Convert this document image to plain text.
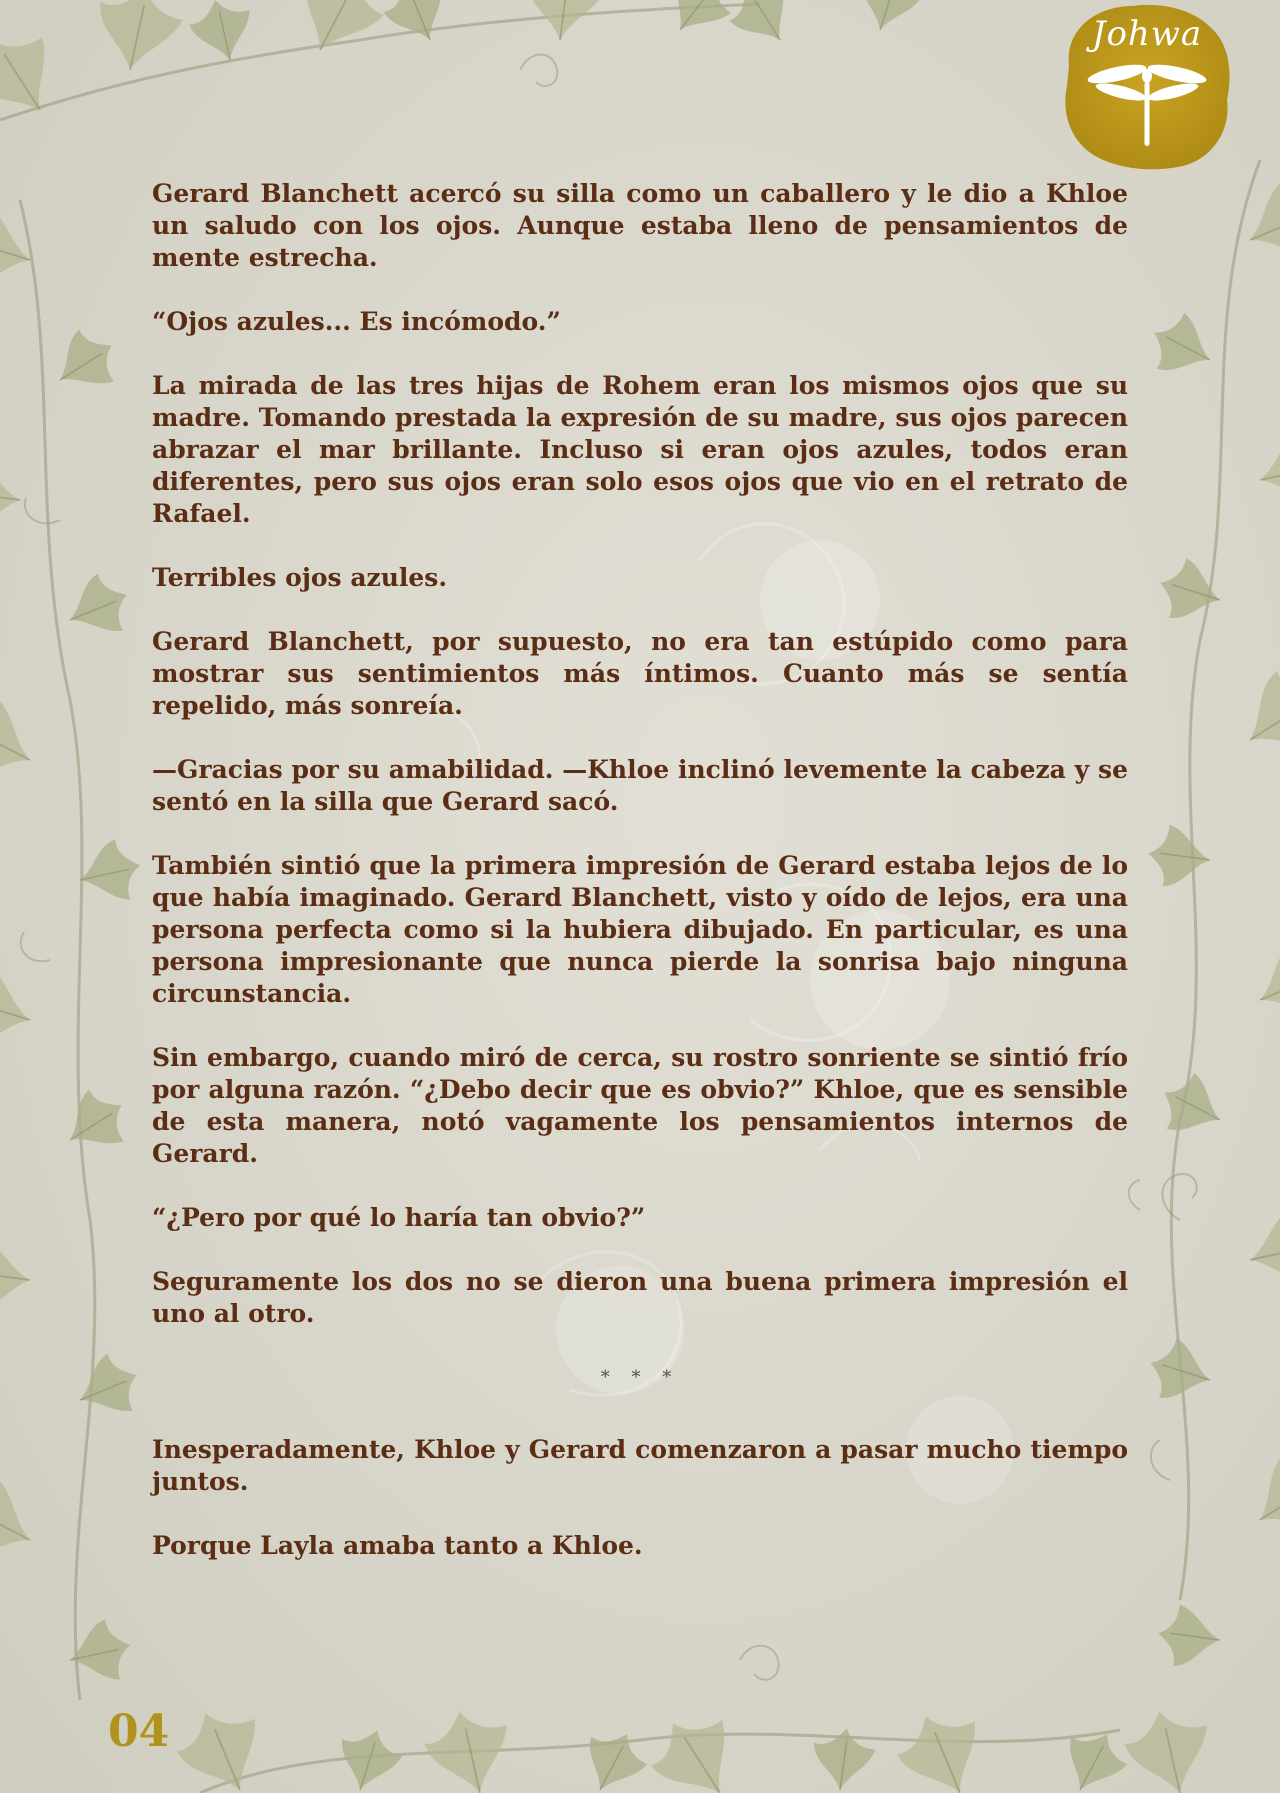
Johwa

Gerard Blanchett acercó su silla como un caballero y le dio a Khloe un saludo con los ojos. Aunque estaba lleno de pensamientos de mente estrecha.

“Ojos azules... Es incómodo.”

La mirada de las tres hijas de Rohem eran los mismos ojos que su madre. Tomando prestada la expresión de su madre, sus ojos parecen abrazar el mar brillante. Incluso si eran ojos azules, todos eran diferentes, pero sus ojos eran solo esos ojos que vio en el retrato de Rafael.

Terribles ojos azules.

Gerard Blanchett, por supuesto, no era tan estúpido como para mostrar sus sentimientos más íntimos. Cuanto más se sentía repelido, más sonreía.

—Gracias por su amabilidad. —Khloe inclinó levemente la cabeza y se sentó en la silla que Gerard sacó.

También sintió que la primera impresión de Gerard estaba lejos de lo que había imaginado. Gerard Blanchett, visto y oído de lejos, era una persona perfecta como si la hubiera dibujado. En particular, es una persona impresionante que nunca pierde la sonrisa bajo ninguna circunstancia.

Sin embargo, cuando miró de cerca, su rostro sonriente se sintió frío por alguna razón. “¿Debo decir que es obvio?” Khloe, que es sensible de esta manera, notó vagamente los pensamientos internos de Gerard.

“¿Pero por qué lo haría tan obvio?”

Seguramente los dos no se dieron una buena primera impresión el uno al otro.

* * *

Inesperadamente, Khloe y Gerard comenzaron a pasar mucho tiempo juntos.

Porque Layla amaba tanto a Khloe.

04
